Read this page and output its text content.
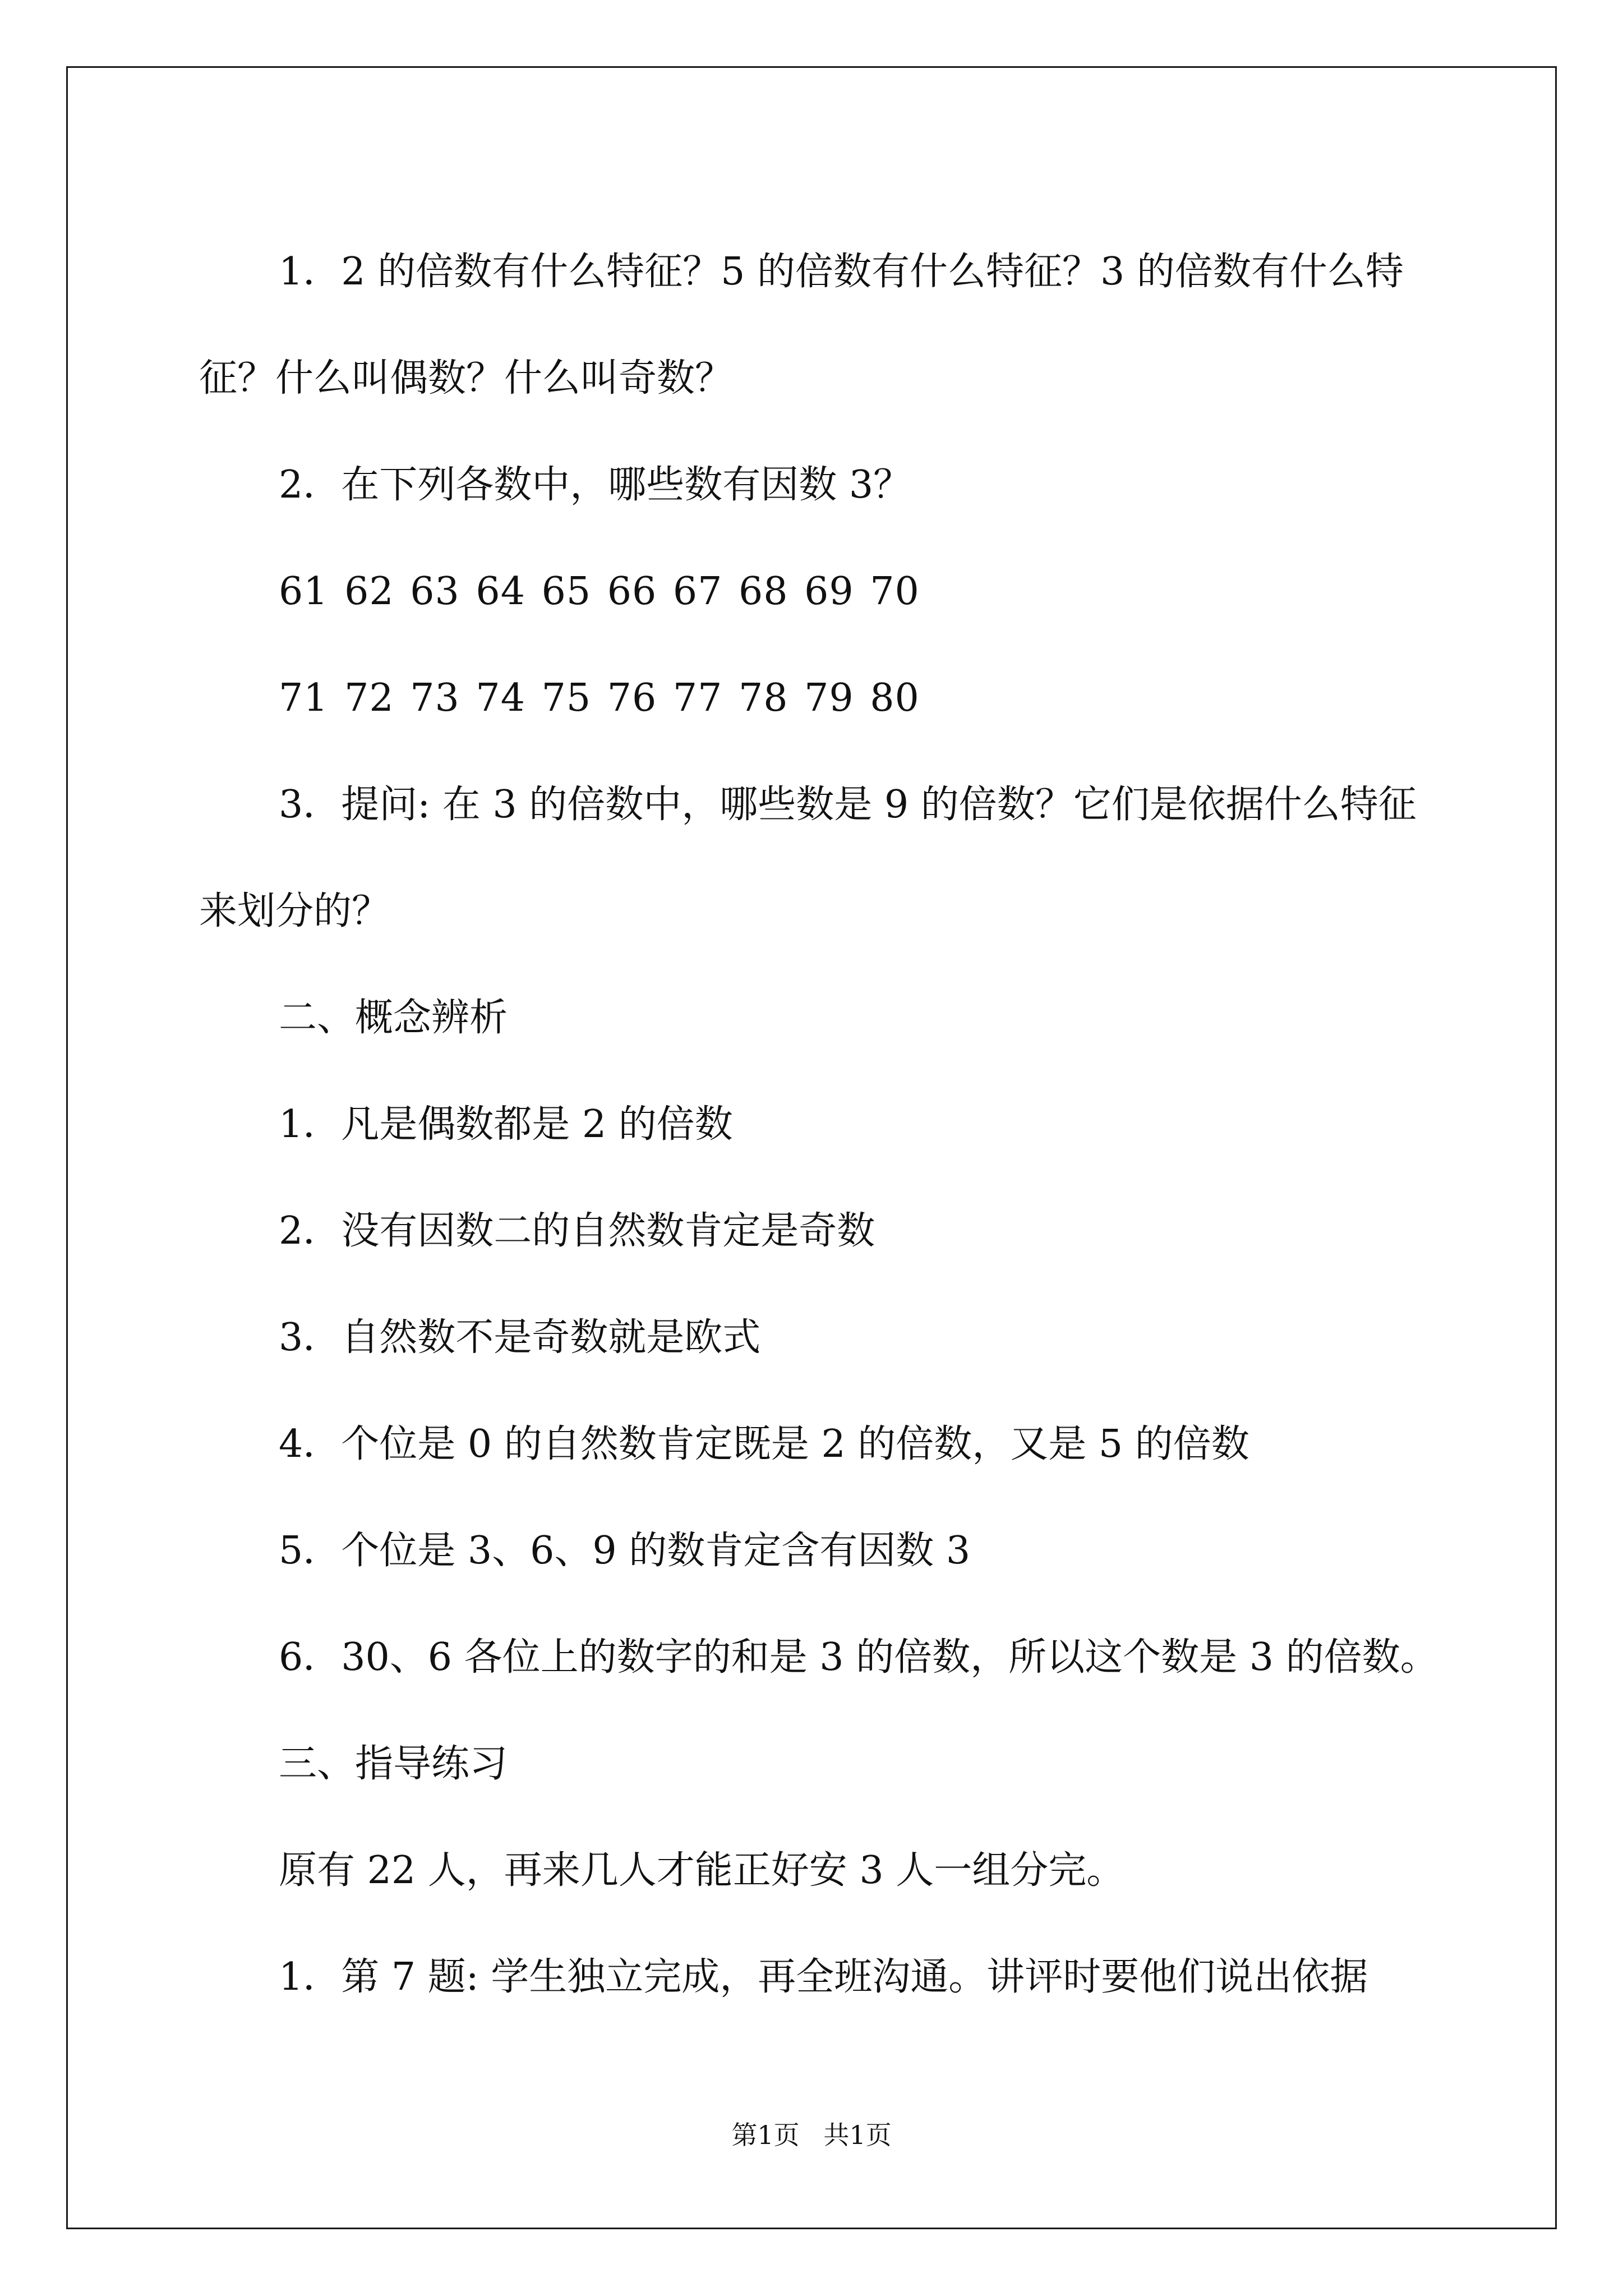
1．2 的倍数有什么特征？5 的倍数有什么特征？3 的倍数有什么特征？什么叫偶数？什么叫奇数？

2．在下列各数中，哪些数有因数 3？

61 62 63 64 65 66 67 68 69 70

71 72 73 74 75 76 77 78 79 80

3．提问: 在 3 的倍数中，哪些数是 9 的倍数？它们是依据什么特征来划分的？

二、概念辨析

1．凡是偶数都是 2 的倍数

2．没有因数二的自然数肯定是奇数

3．自然数不是奇数就是欧式

4．个位是 0 的自然数肯定既是 2 的倍数，又是 5 的倍数

5．个位是 3、6、9 的数肯定含有因数 3

6．30、6 各位上的数字的和是 3 的倍数，所以这个数是 3 的倍数。

三、指导练习

原有 22 人，再来几人才能正好安 3 人一组分完。

1．第 7 题: 学生独立完成，再全班沟通。讲评时要他们说出依据

第1页 共1页
